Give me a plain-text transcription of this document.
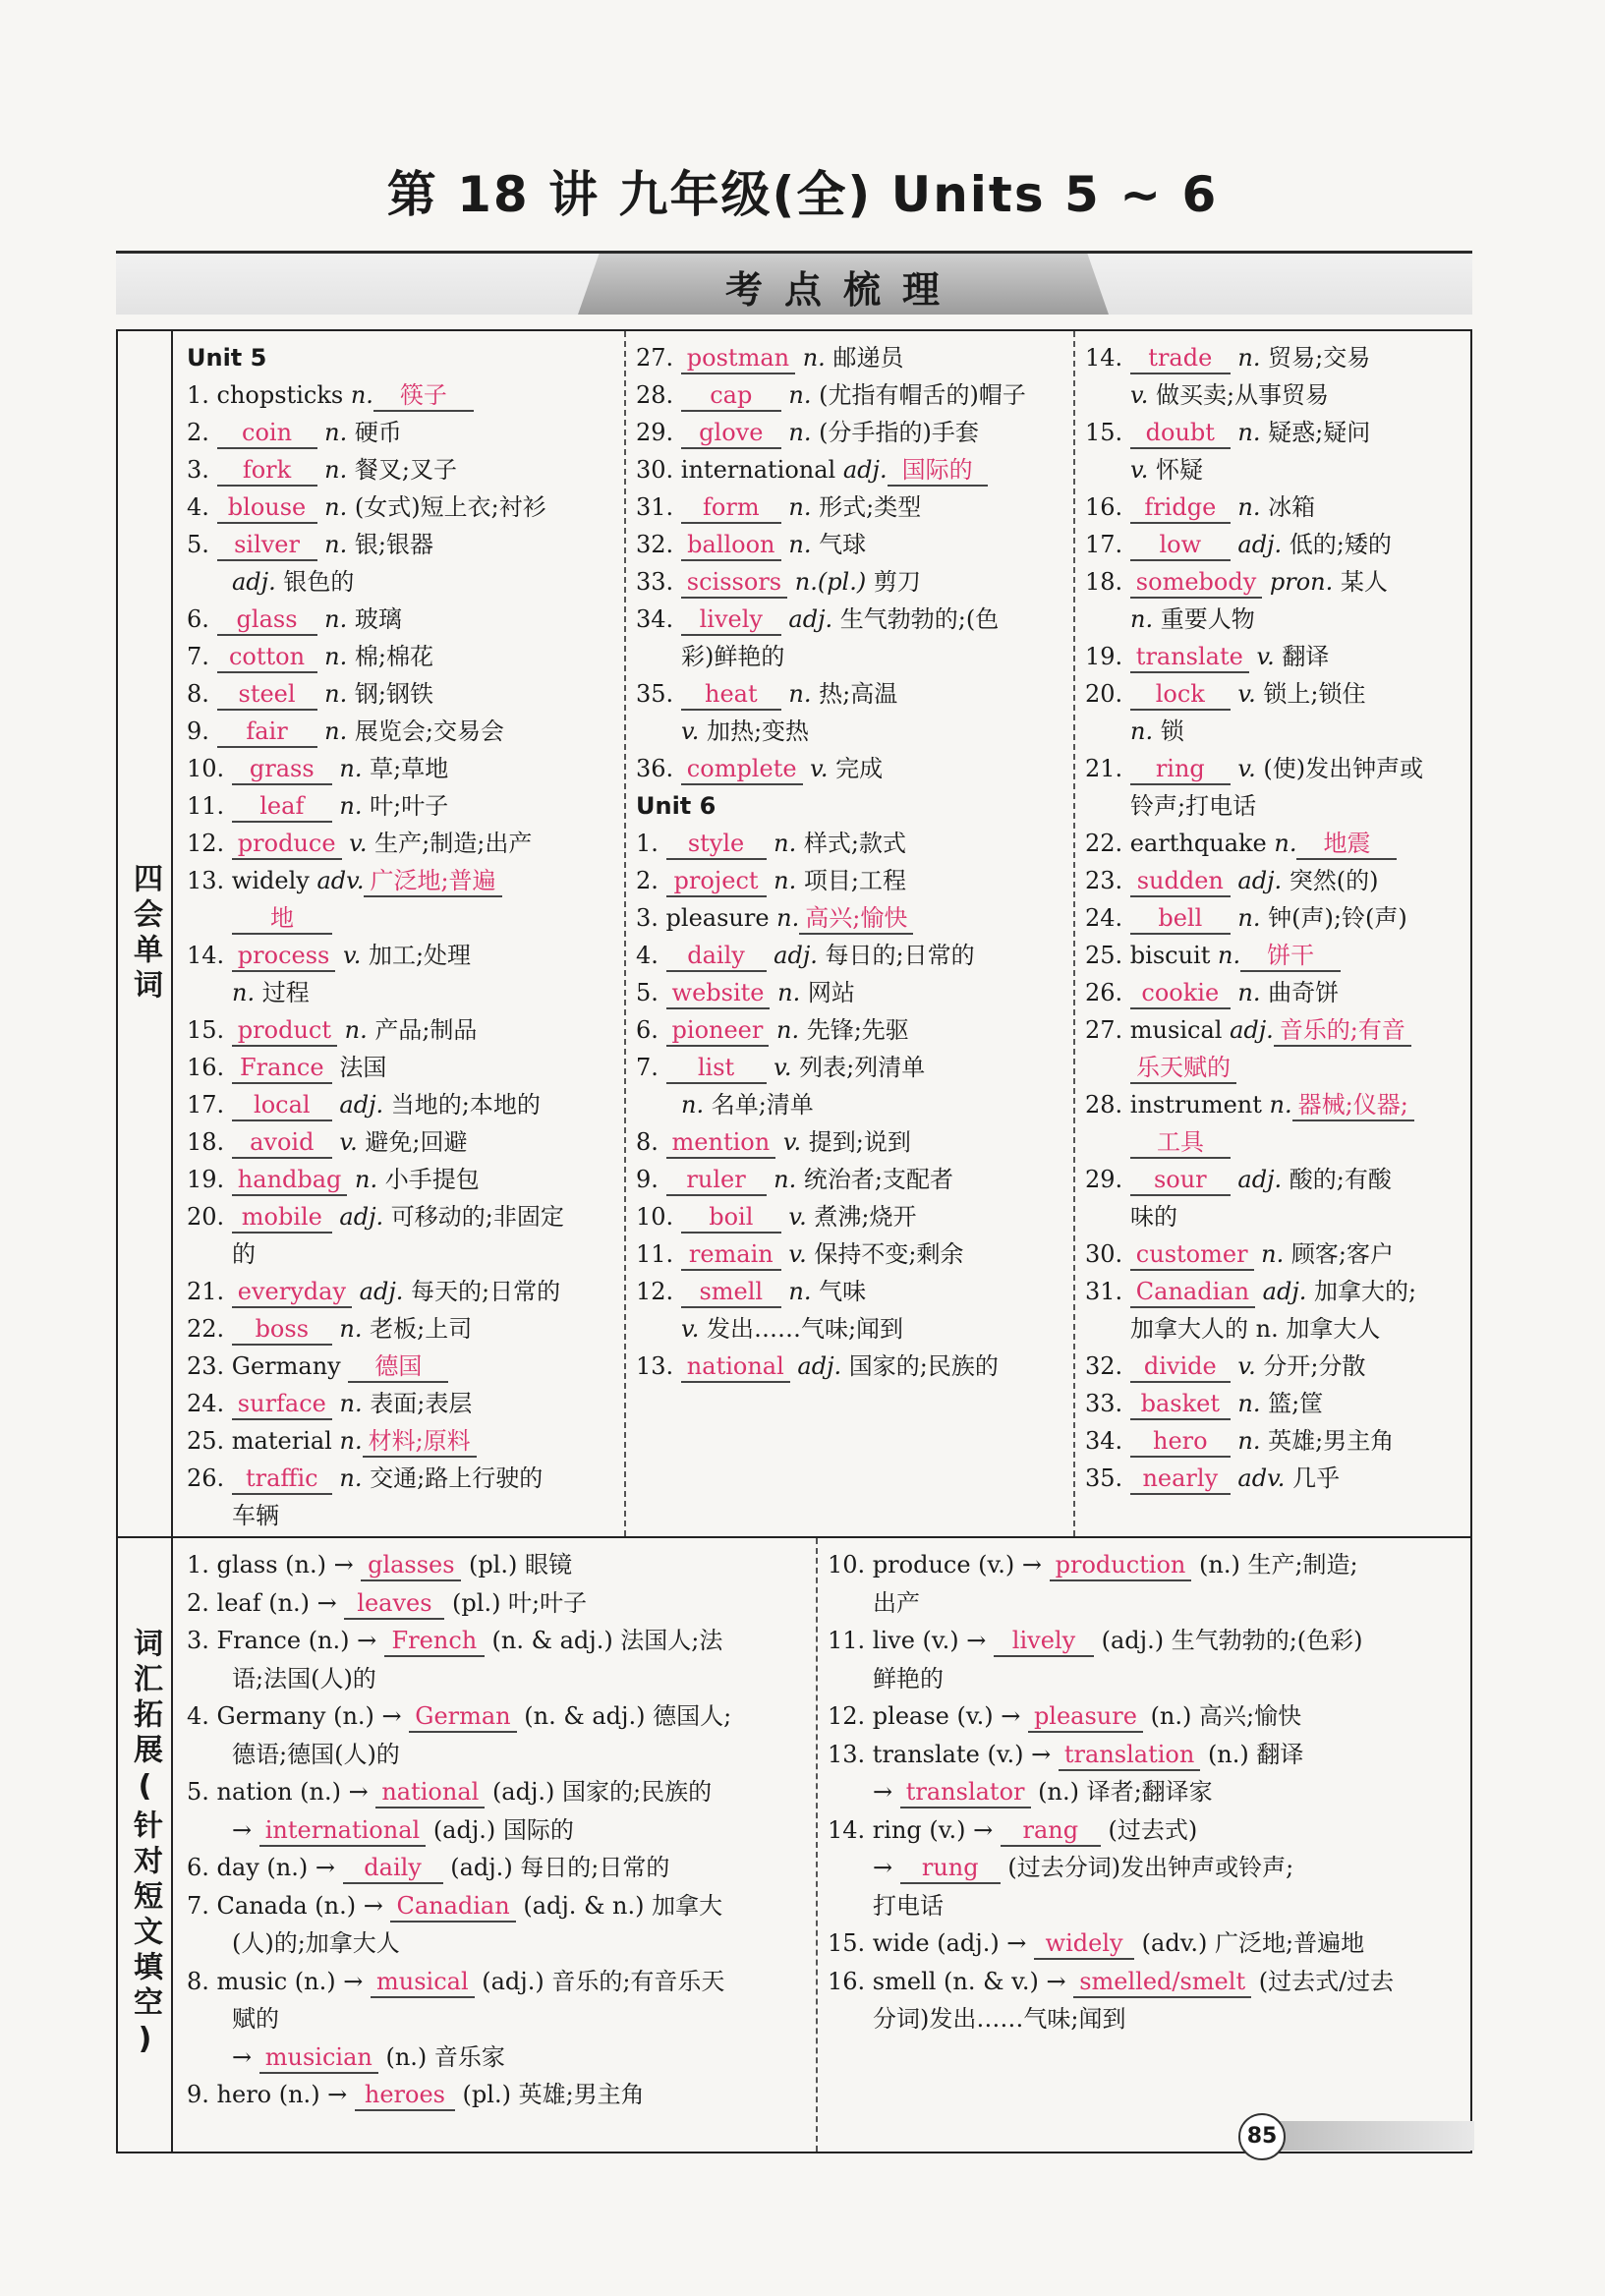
第 18 讲 九年级(全) Units 5 ~ 6
考点梳理
四会单词
Unit 5
1. chopsticks n. 筷子
2. coin n. 硬币
3. fork n. 餐叉;叉子
4. blouse n. (女式)短上衣;衬衫
5. silver n. 银;银器
adj. 银色的
6. glass n. 玻璃
7. cotton n. 棉;棉花
8. steel n. 钢;钢铁
9. fair n. 展览会;交易会
10. grass n. 草;草地
11. leaf n. 叶;叶子
12. produce v. 生产;制造;出产
13. widely adv. 广泛地;普遍
地
14. process v. 加工;处理
n. 过程
15. product n. 产品;制品
16. France 法国
17. local adj. 当地的;本地的
18. avoid v. 避免;回避
19. handbag n. 小手提包
20. mobile adj. 可移动的;非固定
的
21. everyday adj. 每天的;日常的
22. boss n. 老板;上司
23. Germany 德国
24. surface n. 表面;表层
25. material n. 材料;原料
26. traffic n. 交通;路上行驶的
车辆
27. postman n. 邮递员
28. cap n. (尤指有帽舌的)帽子
29. glove n. (分手指的)手套
30. international adj. 国际的
31. form n. 形式;类型
32. balloon n. 气球
33. scissors n.(pl.) 剪刀
34. lively adj. 生气勃勃的;(色
彩)鲜艳的
35. heat n. 热;高温
v. 加热;变热
36. complete v. 完成
Unit 6
1. style n. 样式;款式
2. project n. 项目;工程
3. pleasure n. 高兴;愉快
4. daily adj. 每日的;日常的
5. website n. 网站
6. pioneer n. 先锋;先驱
7. list v. 列表;列清单
n. 名单;清单
8. mention v. 提到;说到
9. ruler n. 统治者;支配者
10. boil v. 煮沸;烧开
11. remain v. 保持不变;剩余
12. smell n. 气味
v. 发出……气味;闻到
13. national adj. 国家的;民族的
14. trade n. 贸易;交易
v. 做买卖;从事贸易
15. doubt n. 疑惑;疑问
v. 怀疑
16. fridge n. 冰箱
17. low adj. 低的;矮的
18. somebody pron. 某人
n. 重要人物
19. translate v. 翻译
20. lock v. 锁上;锁住
n. 锁
21. ring v. (使)发出钟声或
铃声;打电话
22. earthquake n. 地震
23. sudden adj. 突然(的)
24. bell n. 钟(声);铃(声)
25. biscuit n. 饼干
26. cookie n. 曲奇饼
27. musical adj. 音乐的;有音
乐天赋的
28. instrument n. 器械;仪器;
工具
29. sour adj. 酸的;有酸
味的
30. customer n. 顾客;客户
31. Canadian adj. 加拿大的;
加拿大人的 n. 加拿大人
32. divide v. 分开;分散
33. basket n. 篮;筐
34. hero n. 英雄;男主角
35. nearly adv. 几乎
词汇拓展(针对短文填空)
1. glass (n.) → glasses (pl.) 眼镜
2. leaf (n.) → leaves (pl.) 叶;叶子
3. France (n.) → French (n. & adj.) 法国人;法
语;法国(人)的
4. Germany (n.) → German (n. & adj.) 德国人;
德语;德国(人)的
5. nation (n.) → national (adj.) 国家的;民族的
→ international (adj.) 国际的
6. day (n.) → daily (adj.) 每日的;日常的
7. Canada (n.) → Canadian (adj. & n.) 加拿大
(人)的;加拿大人
8. music (n.) → musical (adj.) 音乐的;有音乐天
赋的
→ musician (n.) 音乐家
9. hero (n.) → heroes (pl.) 英雄;男主角
10. produce (v.) → production (n.) 生产;制造;
出产
11. live (v.) → lively (adj.) 生气勃勃的;(色彩)
鲜艳的
12. please (v.) → pleasure (n.) 高兴;愉快
13. translate (v.) → translation (n.) 翻译
→ translator (n.) 译者;翻译家
14. ring (v.) → rang (过去式)
→ rung (过去分词)发出钟声或铃声;
打电话
15. wide (adj.) → widely (adv.) 广泛地;普遍地
16. smell (n. & v.) → smelled/smelt (过去式/过去
分词)发出……气味;闻到
85
